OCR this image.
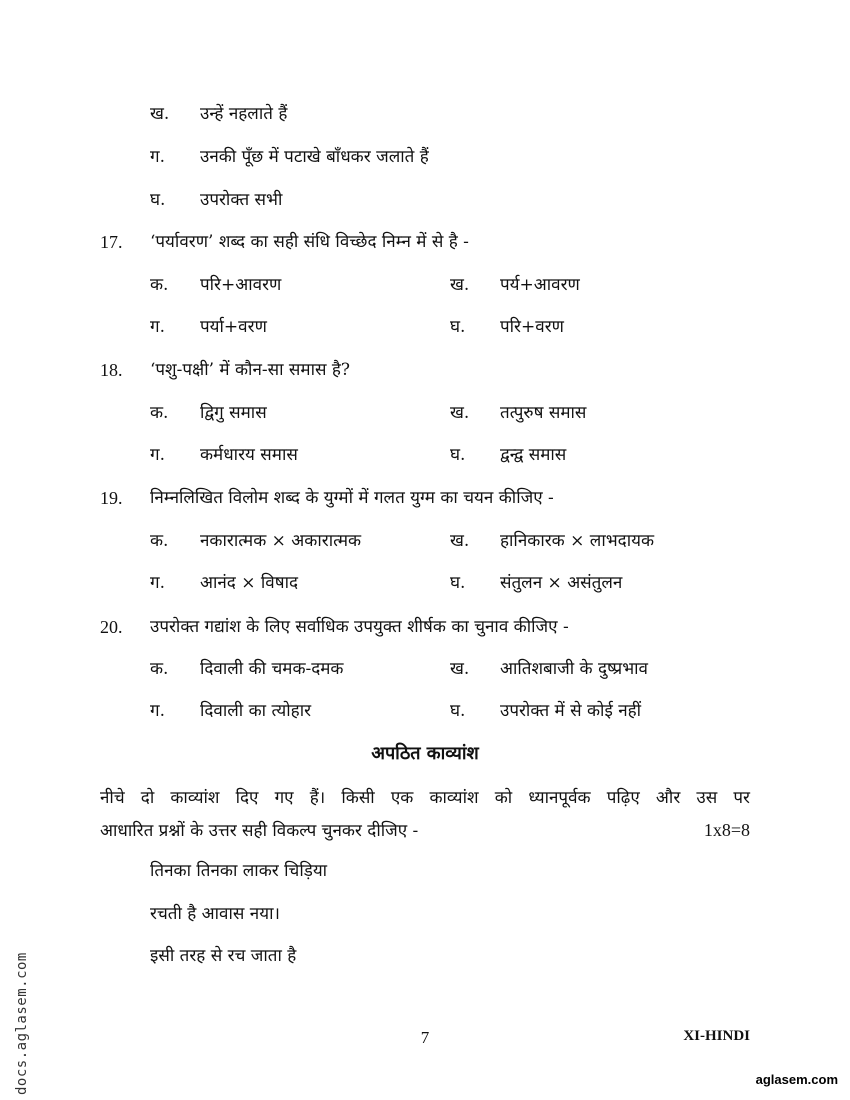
ख. उन्हें नहलाते हैं
ग. उनकी पूँछ में पटाखे बाँधकर जलाते हैं
घ. उपरोक्त सभी
17. ‘पर्यावरण’ शब्द का सही संधि विच्छेद निम्न में से है -
क. परि+आवरण	ख. पर्य+आवरण
ग. पर्या+वरण	घ. परि+वरण
18. ‘पशु-पक्षी’ में कौन-सा समास है?
क. द्विगु समास	ख. तत्पुरुष समास
ग. कर्मधारय समास	घ. द्वन्द्व समास
19. निम्नलिखित विलोम शब्द के युग्मों में गलत युग्म का चयन कीजिए -
क. नकारात्मक × अकारात्मक	ख. हानिकारक × लाभदायक
ग. आनंद × विषाद	घ. संतुलन × असंतुलन
20. उपरोक्त गद्यांश के लिए सर्वाधिक उपयुक्त शीर्षक का चुनाव कीजिए -
क. दिवाली की चमक-दमक	ख. आतिशबाजी के दुष्प्रभाव
ग. दिवाली का त्योहार	घ. उपरोक्त में से कोई नहीं
अपठित काव्यांश
नीचे दो काव्यांश दिए गए हैं। किसी एक काव्यांश को ध्यानपूर्वक पढ़िए और उस पर
आधारित प्रश्नों के उत्तर सही विकल्प चुनकर दीजिए -	1x8=8
तिनका तिनका लाकर चिड़िया
रचती है आवास नया।
इसी तरह से रच जाता है
7	XI-HINDI
docs.aglasem.com	aglasem.com
